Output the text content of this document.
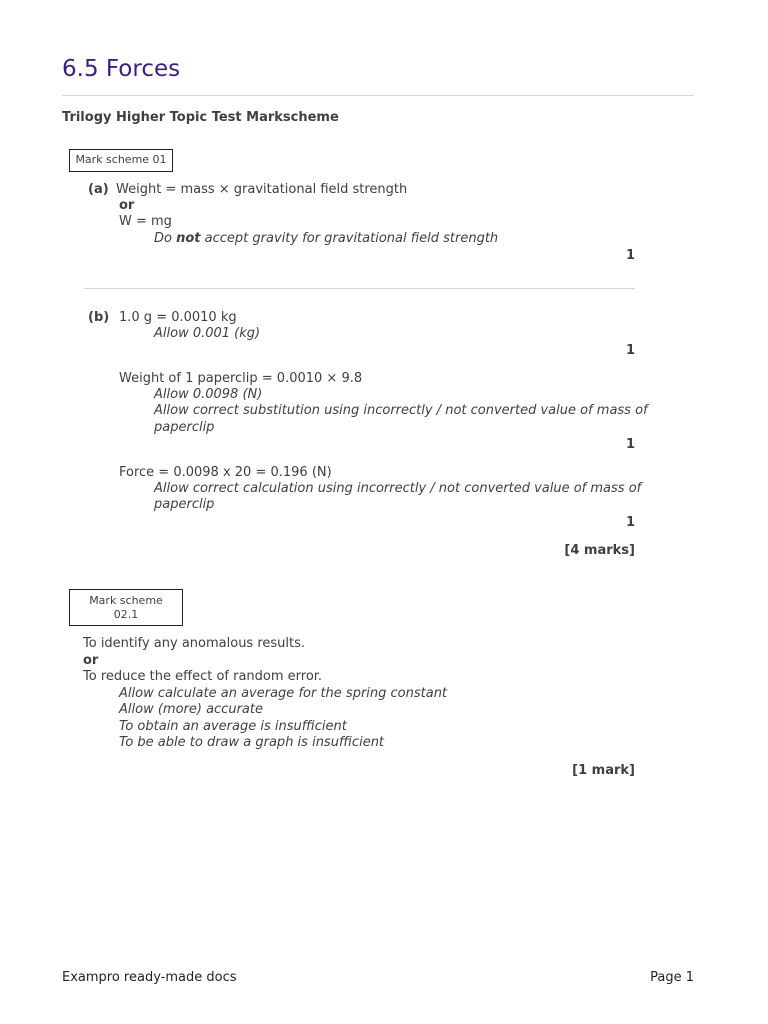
6.5 Forces
Trilogy Higher Topic Test Markscheme
Mark scheme 01
(a) Weight = mass × gravitational field strength
or
W = mg
Do not accept gravity for gravitational field strength
1
(b) 1.0 g = 0.0010 kg
Allow 0.001 (kg)
1
Weight of 1 paperclip = 0.0010 × 9.8
Allow 0.0098 (N)
Allow correct substitution using incorrectly / not converted value of mass of
paperclip
1
Force = 0.0098 x 20 = 0.196 (N)
Allow correct calculation using incorrectly / not converted value of mass of
paperclip
1
[4 marks]
Mark scheme
02.1
To identify any anomalous results.
or
To reduce the effect of random error.
Allow calculate an average for the spring constant
Allow (more) accurate
To obtain an average is insufficient
To be able to draw a graph is insufficient
[1 mark]
Exampro ready-made docs	Page 1
